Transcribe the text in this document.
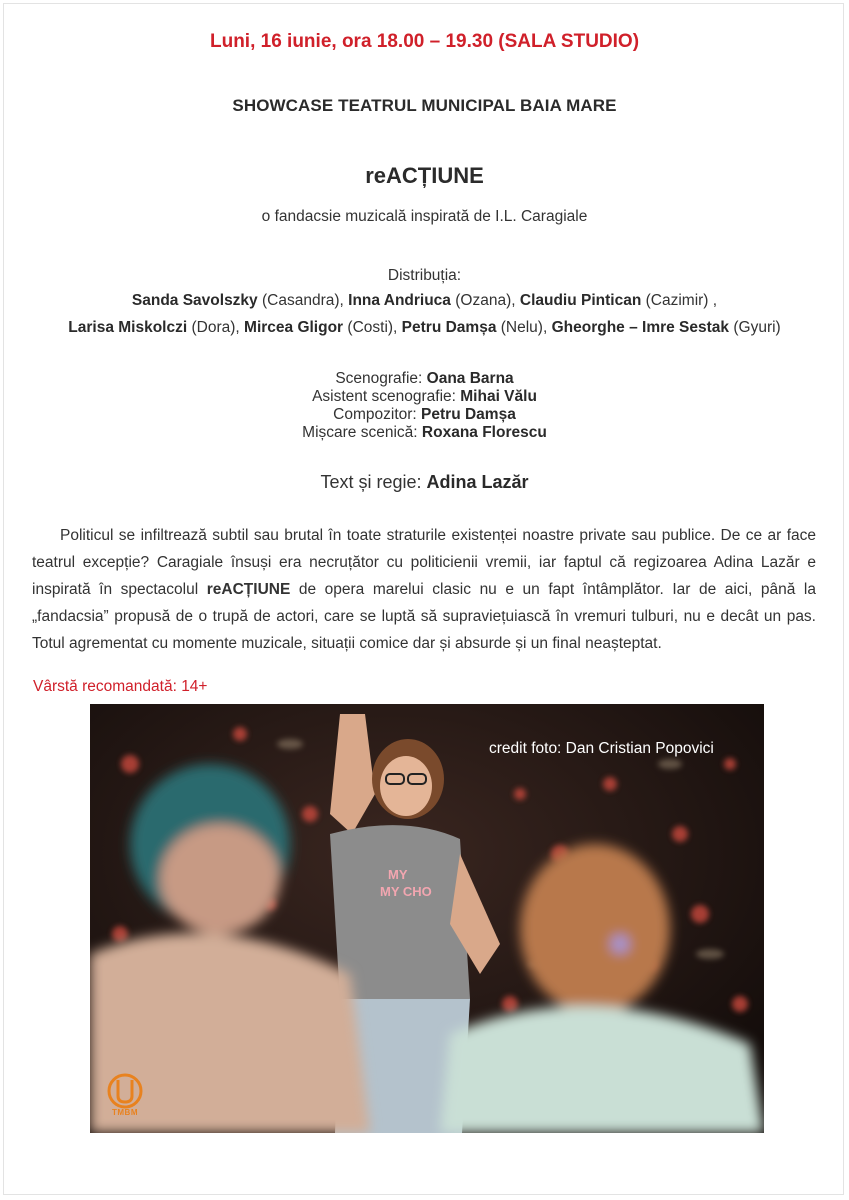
Luni, 16 iunie, ora 18.00 – 19.30 (SALA STUDIO)
SHOWCASE TEATRUL MUNICIPAL BAIA MARE
reACȚIUNE
o fandacsie muzicală inspirată de I.L. Caragiale
Distribuția:
Sanda Savolszky (Casandra), Inna Andriuca (Ozana), Claudiu Pintican (Cazimir) ,
Larisa Miskolczi (Dora), Mircea Gligor (Costi), Petru Damșa (Nelu), Gheorghe – Imre Sestak (Gyuri)
Scenografie: Oana Barna
Asistent scenografie: Mihai Vălu
Compozitor: Petru Damșa
Mișcare scenică: Roxana Florescu
Text și regie: Adina Lazăr

Politicul se infiltrează subtil sau brutal în toate straturile existenței noastre private sau publice. De ce ar face teatrul excepție? Caragiale însuși era necruțător cu politicienii vremii, iar faptul că regizoarea Adina Lazăr e inspirată în spectacolul reACȚIUNE de opera marelui clasic nu e un fapt întâmplător. Iar de aici, până la „fandacsia” propusă de o trupă de actori, care se luptă să supraviețuiască în vremuri tulburi, nu e decât un pas. Totul agrementat cu momente muzicale, situații comice dar și absurde și un final neașteptat.

Vârstă recomandată: 14+
MY
MY CHO
credit foto: Dan Cristian Popovici
TMBM
